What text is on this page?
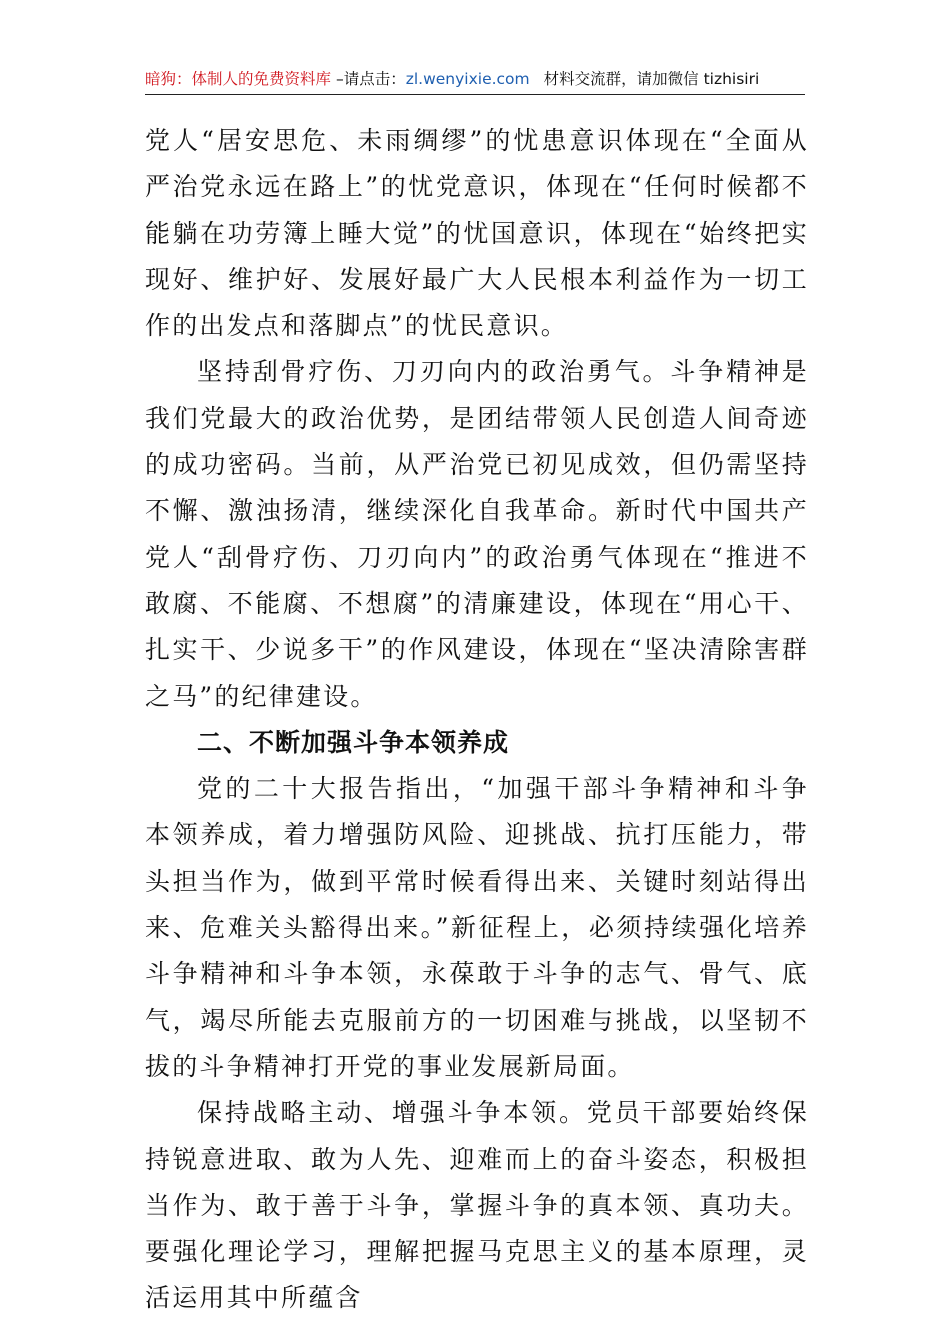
暗狗：体制人的免费资料库 –请点击：zl.wenyixie.com 材料交流群，请加微信 tizhisiri

党人“居安思危、未雨绸缪”的忧患意识体现在“全面从严治党永远在路上”的忧党意识，体现在“任何时候都不能躺在功劳簿上睡大觉”的忧国意识，体现在“始终把实现好、维护好、发展好最广大人民根本利益作为一切工作的出发点和落脚点”的忧民意识。

坚持刮骨疗伤、刀刃向内的政治勇气。斗争精神是我们党最大的政治优势，是团结带领人民创造人间奇迹的成功密码。当前，从严治党已初见成效，但仍需坚持不懈、激浊扬清，继续深化自我革命。新时代中国共产党人“刮骨疗伤、刀刃向内”的政治勇气体现在“推进不敢腐、不能腐、不想腐”的清廉建设，体现在“用心干、扎实干、少说多干”的作风建设，体现在“坚决清除害群之马”的纪律建设。

二、不断加强斗争本领养成

党的二十大报告指出，“加强干部斗争精神和斗争本领养成，着力增强防风险、迎挑战、抗打压能力，带头担当作为，做到平常时候看得出来、关键时刻站得出来、危难关头豁得出来。”新征程上，必须持续强化培养斗争精神和斗争本领，永葆敢于斗争的志气、骨气、底气，竭尽所能去克服前方的一切困难与挑战，以坚韧不拔的斗争精神打开党的事业发展新局面。

保持战略主动、增强斗争本领。党员干部要始终保持锐意进取、敢为人先、迎难而上的奋斗姿态，积极担当作为、敢于善于斗争，掌握斗争的真本领、真功夫。要强化理论学习，理解把握马克思主义的基本原理，灵活运用其中所蕴含
